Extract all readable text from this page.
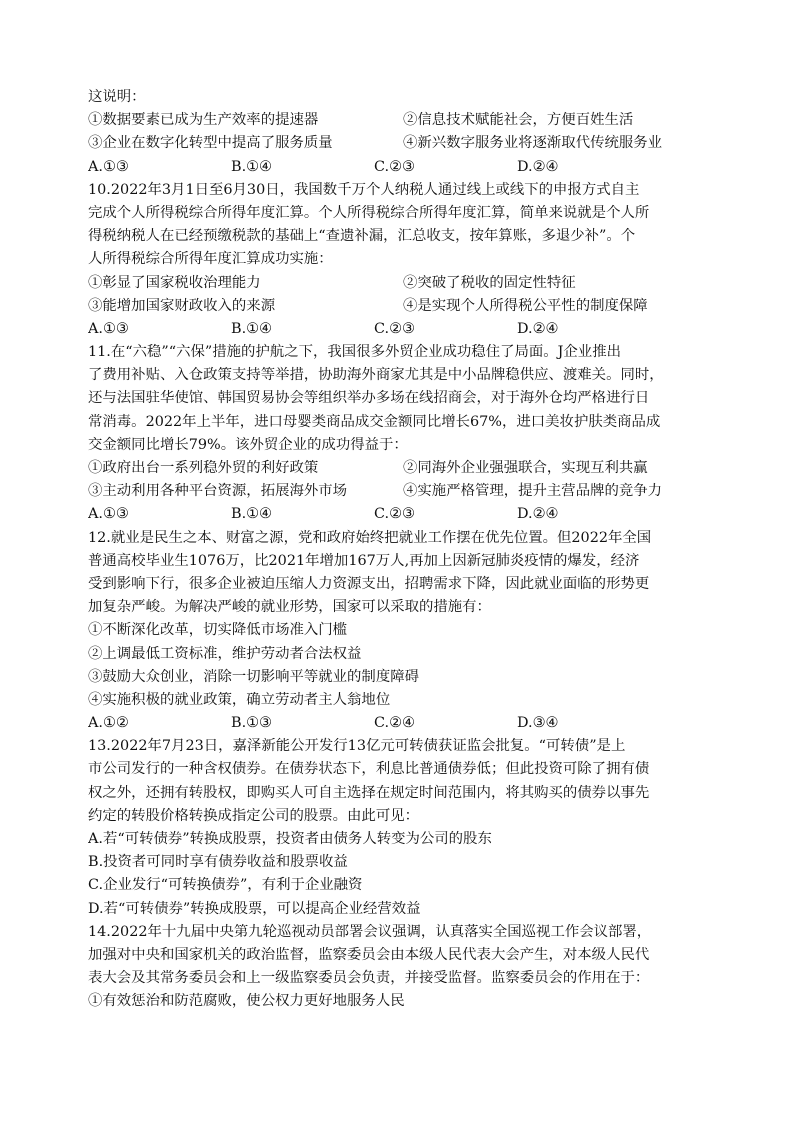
这说明：
①数据要素已成为生产效率的提速器	②信息技术赋能社会，方便百姓生活
③企业在数字化转型中提高了服务质量	④新兴数字服务业将逐渐取代传统服务业
A.①③	B.①④	C.②③	D.②④
10.2022年3月1日至6月30日，我国数千万个人纳税人通过线上或线下的申报方式自主
完成个人所得税综合所得年度汇算。个人所得税综合所得年度汇算，简单来说就是个人所
得税纳税人在已经预缴税款的基础上“查遗补漏，汇总收支，按年算账，多退少补”。个
人所得税综合所得年度汇算成功实施：
①彰显了国家税收治理能力	②突破了税收的固定性特征
③能增加国家财政收入的来源	④是实现个人所得税公平性的制度保障
A.①③	B.①④	C.②③	D.②④
11.在“六稳”“六保”措施的护航之下，我国很多外贸企业成功稳住了局面。J企业推出
了费用补贴、入仓政策支持等举措，协助海外商家尤其是中小品牌稳供应、渡难关。同时，
还与法国驻华使馆、韩国贸易协会等组织举办多场在线招商会，对于海外仓均严格进行日
常消毒。2022年上半年，进口母婴类商品成交金额同比增长67%，进口美妆护肤类商品成
交金额同比增长79%。该外贸企业的成功得益于：
①政府出台一系列稳外贸的利好政策	②同海外企业强强联合，实现互利共赢
③主动利用各种平台资源，拓展海外市场	④实施严格管理，提升主营品牌的竞争力
A.①③	B.①④	C.②③	D.②④
12.就业是民生之本、财富之源，党和政府始终把就业工作摆在优先位置。但2022年全国
普通高校毕业生1076万，比2021年增加167万人,再加上因新冠肺炎疫情的爆发，经济
受到影响下行，很多企业被迫压缩人力资源支出，招聘需求下降，因此就业面临的形势更
加复杂严峻。为解决严峻的就业形势，国家可以采取的措施有：
①不断深化改革，切实降低市场准入门槛
②上调最低工资标准，维护劳动者合法权益
③鼓励大众创业，消除一切影响平等就业的制度障碍
④实施积极的就业政策，确立劳动者主人翁地位
A.①②	B.①③	C.②④	D.③④
13.2022年7月23日，嘉泽新能公开发行13亿元可转债获证监会批复。“可转债”是上
市公司发行的一种含权债券。在债券状态下，利息比普通债券低；但此投资可除了拥有债
权之外，还拥有转股权，即购买人可自主选择在规定时间范围内，将其购买的债券以事先
约定的转股价格转换成指定公司的股票。由此可见：
A.若“可转债券”转换成股票，投资者由债务人转变为公司的股东
B.投资者可同时享有债券收益和股票收益
C.企业发行“可转换债券”，有利于企业融资
D.若“可转债券”转换成股票，可以提高企业经营效益
14.2022年十九届中央第九轮巡视动员部署会议强调，认真落实全国巡视工作会议部署，
加强对中央和国家机关的政治监督，监察委员会由本级人民代表大会产生，对本级人民代
表大会及其常务委员会和上一级监察委员会负责，并接受监督。监察委员会的作用在于：
①有效惩治和防范腐败，使公权力更好地服务人民
